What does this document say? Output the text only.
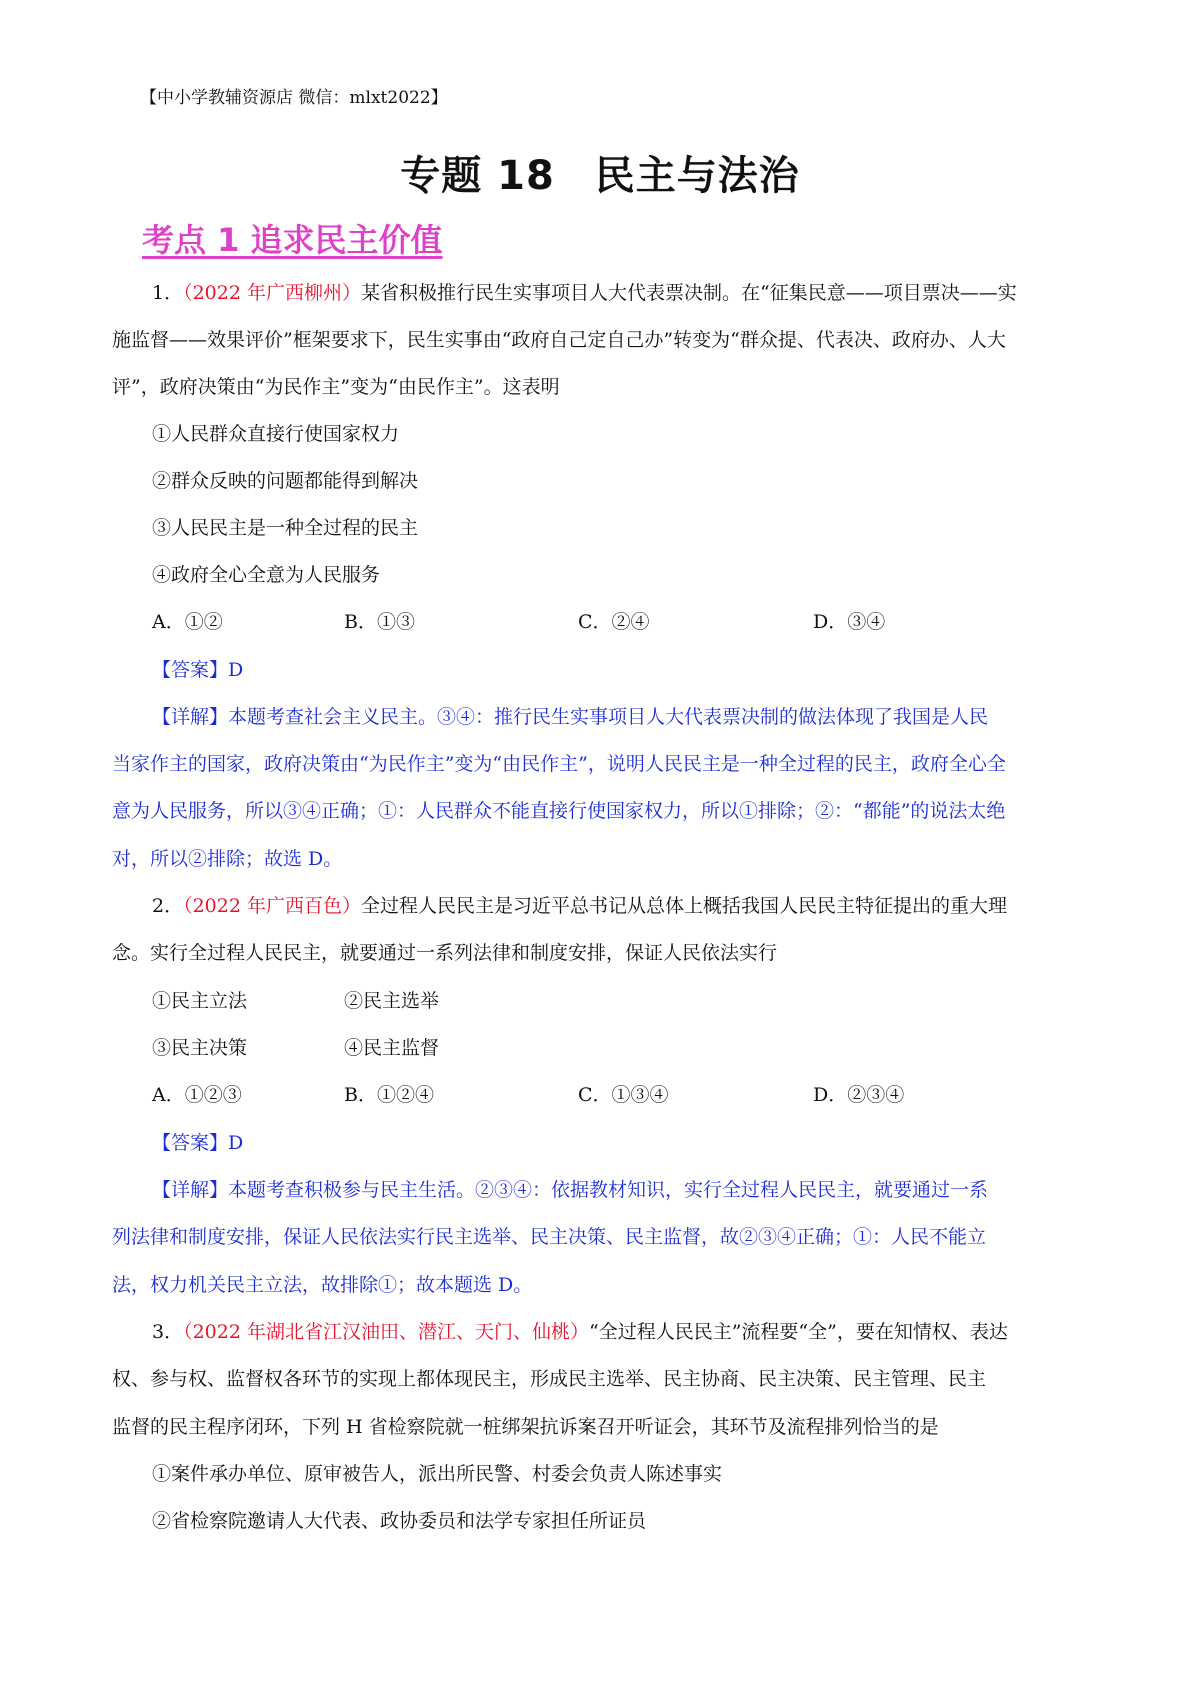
【中小学教辅资源店 微信：mlxt2022】
专题 18 民主与法治
考点 1 追求民主价值
1．（2022 年广西柳州）某省积极推行民生实事项目人大代表票决制。在“征集民意——项目票决——实
施监督——效果评价”框架要求下，民生实事由“政府自己定自己办”转变为“群众提、代表决、政府办、人大
评”，政府决策由“为民作主”变为“由民作主”。这表明
①人民群众直接行使国家权力
②群众反映的问题都能得到解决
③人民民主是一种全过程的民主
④政府全心全意为人民服务
A．①②	B．①③	C．②④	D．③④
【答案】D
【详解】本题考查社会主义民主。③④：推行民生实事项目人大代表票决制的做法体现了我国是人民
当家作主的国家，政府决策由“为民作主”变为“由民作主”，说明人民民主是一种全过程的民主，政府全心全
意为人民服务，所以③④正确；①：人民群众不能直接行使国家权力，所以①排除；②：“都能”的说法太绝
对，所以②排除；故选 D。
2．（2022 年广西百色）全过程人民民主是习近平总书记从总体上概括我国人民民主特征提出的重大理
念。实行全过程人民民主，就要通过一系列法律和制度安排，保证人民依法实行
①民主立法	②民主选举
③民主决策	④民主监督
A．①②③	B．①②④	C．①③④	D．②③④
【答案】D
【详解】本题考查积极参与民主生活。②③④：依据教材知识，实行全过程人民民主，就要通过一系
列法律和制度安排，保证人民依法实行民主选举、民主决策、民主监督，故②③④正确；①：人民不能立
法，权力机关民主立法，故排除①；故本题选 D。
3．（2022 年湖北省江汉油田、潜江、天门、仙桃）“全过程人民民主”流程要“全”，要在知情权、表达
权、参与权、监督权各环节的实现上都体现民主，形成民主选举、民主协商、民主决策、民主管理、民主
监督的民主程序闭环，下列 H 省检察院就一桩绑架抗诉案召开听证会，其环节及流程排列恰当的是
①案件承办单位、原审被告人，派出所民警、村委会负责人陈述事实
②省检察院邀请人大代表、政协委员和法学专家担任所证员
